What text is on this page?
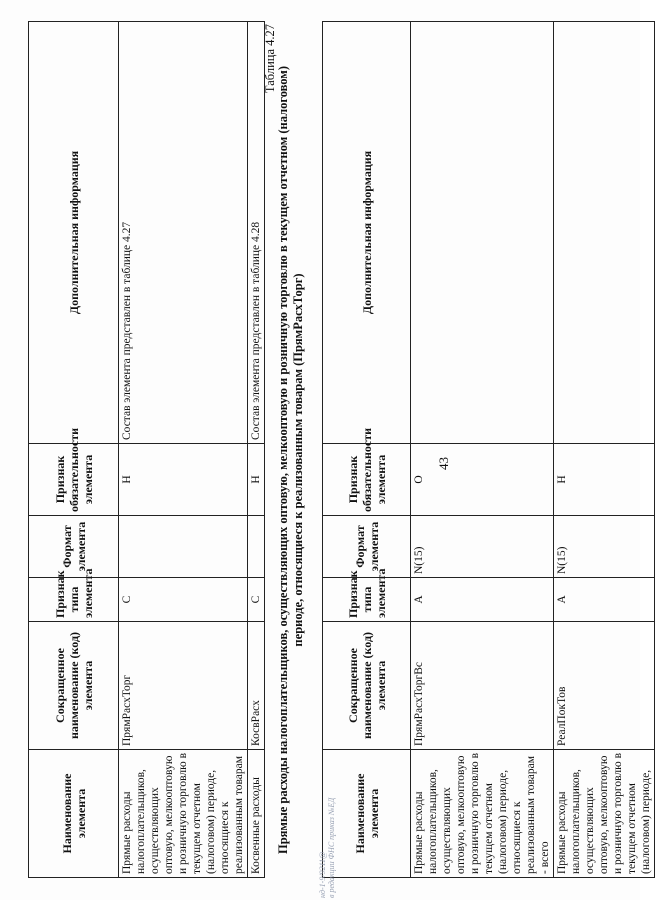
43
Наименование элемента	Сокращенное наименование (код) элемента	Признак типа элемента	Формат элемента	Признак обязательности элемента	Дополнительная информация
Прямые расходы налогоплательщиков, осуществляющих оптовую, мелкооптовую и розничную торговлю в текущем отчетном (налоговом) периоде, относящиеся к реализованным товарам	ПрямРасхТорг	С		Н	Состав элемента представлен в таблице 4.27
Косвенные расходы	КосвРасх	С		Н	Состав элемента представлен в таблице 4.28
Таблица 4.27
Прямые расходы налогоплательщиков, осуществляющих оптовую, мелкооптовую и розничную торговлю в текущем отчетном (налоговом) периоде, относящиеся к реализованным товарам (ПрямРасхТорг)
Наименование элемента	Сокращенное наименование (код) элемента	Признак типа элемента	Формат элемента	Признак обязательности элемента	Дополнительная информация
Прямые расходы налогоплательщиков, осуществляющих оптовую, мелкооптовую и розничную торговлю в текущем отчетном (налоговом) периоде, относящиеся к реализованным товарам - всего	ПрямРасхТоргВс	А	N(15)	О	
Прямые расходы налогоплательщиков, осуществляющих оптовую, мелкооптовую и розничную торговлю в текущем отчетном (налоговом) периоде,	РеалПокТов	А	N(15)	Н	
нд-1-9/9211@ в редакции ФНС приказ №ЕД
